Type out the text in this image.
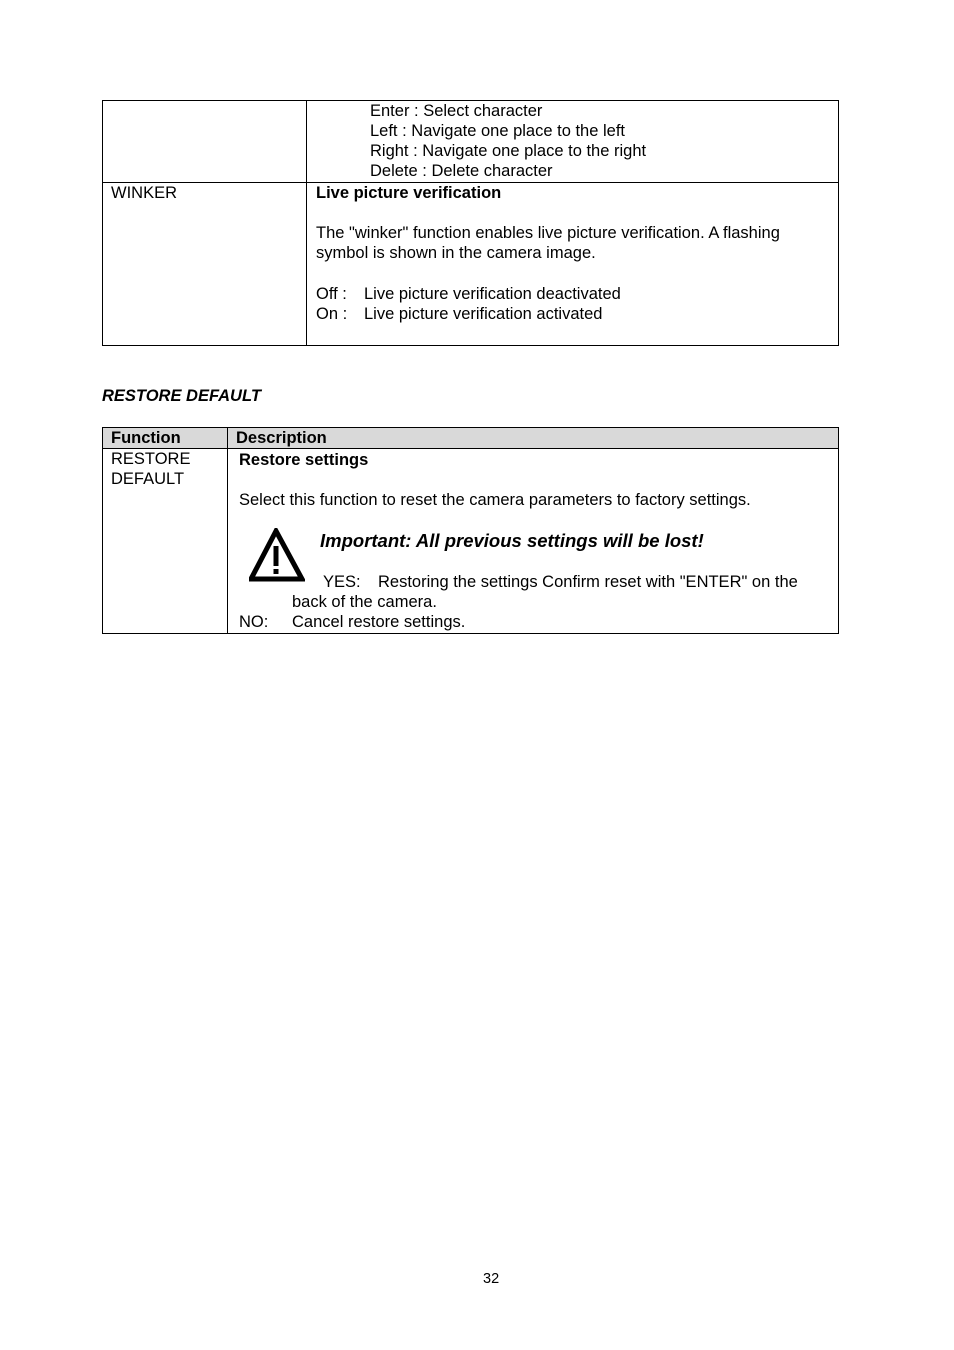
Enter : Select character
Left : Navigate one place to the left
Right : Navigate one place to the right
Delete : Delete character
WINKER	Live picture verification
The "winker" function enables live picture verification. A flashing
symbol is shown in the camera image.
Off : Live picture verification deactivated
On : Live picture verification activated
RESTORE DEFAULT
Function	Description
RESTORE
DEFAULT
Restore settings
Select this function to reset the camera parameters to factory settings.
Important: All previous settings will be lost!
YES: Restoring the settings Confirm reset with "ENTER" on the
back of the camera.
NO: Cancel restore settings.
32
